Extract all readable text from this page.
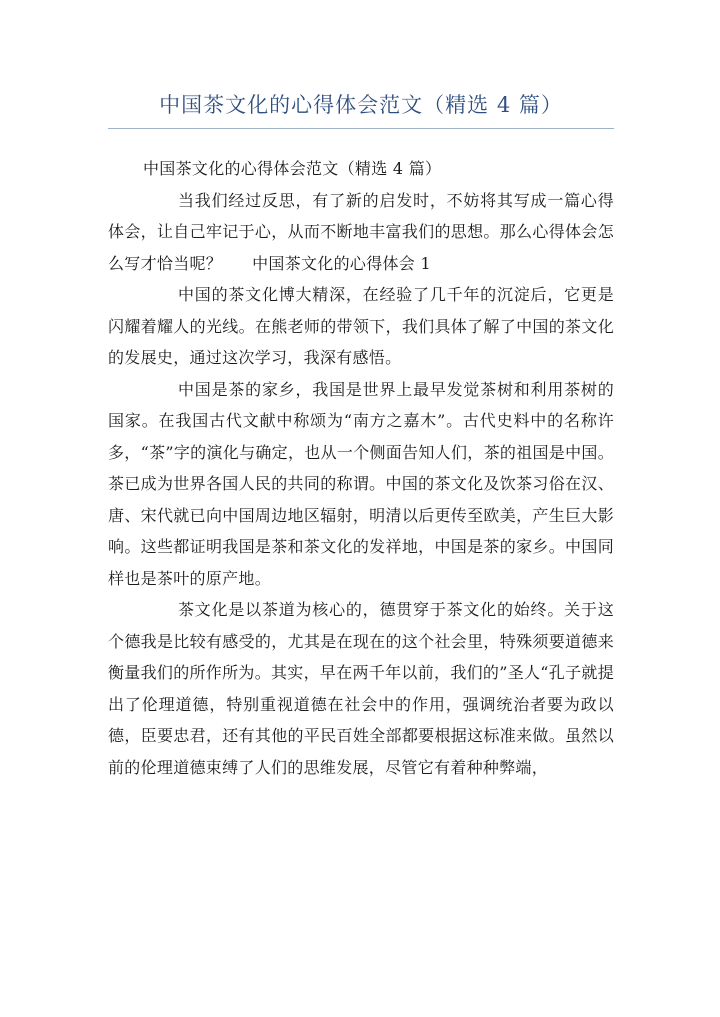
中国茶文化的心得体会范文（精选 4 篇）

中国茶文化的心得体会范文（精选 4 篇）

当我们经过反思，有了新的启发时，不妨将其写成一篇心得体会，让自己牢记于心，从而不断地丰富我们的思想。那么心得体会怎么写才恰当呢？ 中国茶文化的心得体会 1

中国的茶文化博大精深，在经验了几千年的沉淀后，它更是闪耀着耀人的光线。在熊老师的带领下，我们具体了解了中国的茶文化的发展史，通过这次学习，我深有感悟。

中国是茶的家乡，我国是世界上最早发觉茶树和利用茶树的国家。在我国古代文献中称颂为“南方之嘉木”。古代史料中的名称许多，“茶”字的演化与确定，也从一个侧面告知人们，茶的祖国是中国。茶已成为世界各国人民的共同的称谓。中国的茶文化及饮茶习俗在汉、唐、宋代就已向中国周边地区辐射，明清以后更传至欧美，产生巨大影响。这些都证明我国是茶和茶文化的发祥地，中国是茶的家乡。中国同样也是茶叶的原产地。

茶文化是以茶道为核心的，德贯穿于茶文化的始终。关于这个德我是比较有感受的，尤其是在现在的这个社会里，特殊须要道德来衡量我们的所作所为。其实，早在两千年以前，我们的”圣人“孔子就提出了伦理道德，特别重视道德在社会中的作用，强调统治者要为政以德，臣要忠君，还有其他的平民百姓全部都要根据这标准来做。虽然以前的伦理道德束缚了人们的思维发展，尽管它有着种种弊端，
